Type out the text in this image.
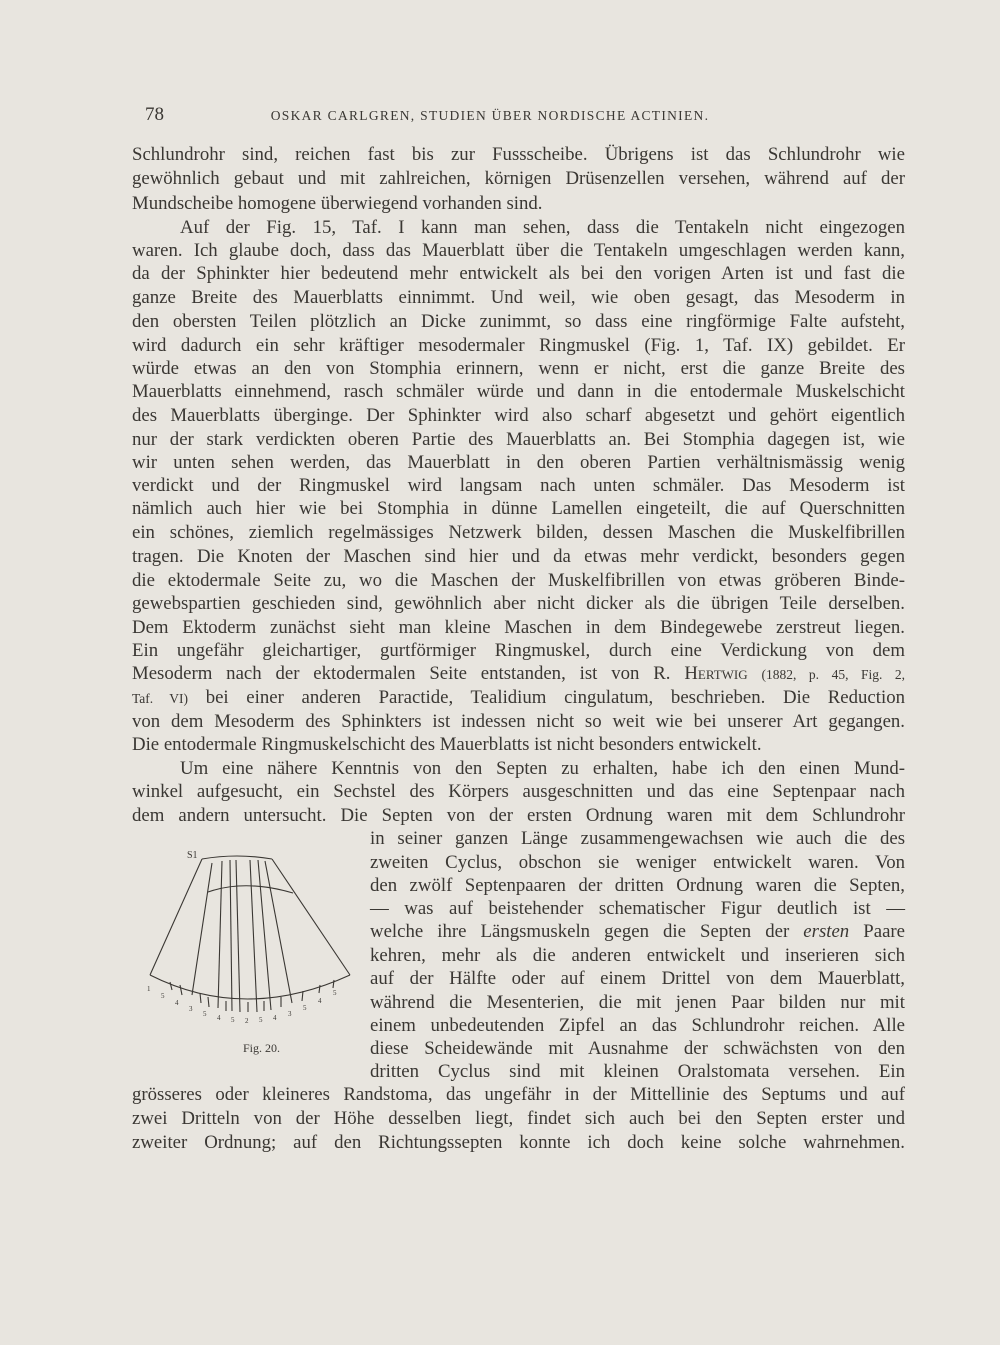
78	OSKAR CARLGREN, STUDIEN ÜBER NORDISCHE ACTINIEN.
Schlundrohr sind, reichen fast bis zur Fussscheibe. Übrigens ist das Schlundrohr wie
gewöhnlich gebaut und mit zahlreichen, körnigen Drüsenzellen versehen, während auf der
Mundscheibe homogene überwiegend vorhanden sind.
Auf der Fig. 15, Taf. I kann man sehen, dass die Tentakeln nicht eingezogen
waren. Ich glaube doch, dass das Mauerblatt über die Tentakeln umgeschlagen werden kann,
da der Sphinkter hier bedeutend mehr entwickelt als bei den vorigen Arten ist und fast die
ganze Breite des Mauerblatts einnimmt. Und weil, wie oben gesagt, das Mesoderm in
den obersten Teilen plötzlich an Dicke zunimmt, so dass eine ringförmige Falte aufsteht,
wird dadurch ein sehr kräftiger mesodermaler Ringmuskel (Fig. 1, Taf. IX) gebildet. Er
würde etwas an den von Stomphia erinnern, wenn er nicht, erst die ganze Breite des
Mauerblatts einnehmend, rasch schmäler würde und dann in die entodermale Muskelschicht
des Mauerblatts überginge. Der Sphinkter wird also scharf abgesetzt und gehört eigentlich
nur der stark verdickten oberen Partie des Mauerblatts an. Bei Stomphia dagegen ist, wie
wir unten sehen werden, das Mauerblatt in den oberen Partien verhältnismässig wenig
verdickt und der Ringmuskel wird langsam nach unten schmäler. Das Mesoderm ist
nämlich auch hier wie bei Stomphia in dünne Lamellen eingeteilt, die auf Querschnitten
ein schönes, ziemlich regelmässiges Netzwerk bilden, dessen Maschen die Muskelfibrillen
tragen. Die Knoten der Maschen sind hier und da etwas mehr verdickt, besonders gegen
die ektodermale Seite zu, wo die Maschen der Muskelfibrillen von etwas gröberen Binde-
gewebspartien geschieden sind, gewöhnlich aber nicht dicker als die übrigen Teile derselben.
Dem Ektoderm zunächst sieht man kleine Maschen in dem Bindegewebe zerstreut liegen.
Ein ungefähr gleichartiger, gurtförmiger Ringmuskel, durch eine Verdickung von dem
Mesoderm nach der ektodermalen Seite entstanden, ist von R. Hertwig (1882, p. 45, Fig. 2,
Taf. VI) bei einer anderen Paractide, Tealidium cingulatum, beschrieben. Die Reduction
von dem Mesoderm des Sphinkters ist indessen nicht so weit wie bei unserer Art gegangen.
Die entodermale Ringmuskelschicht des Mauerblatts ist nicht besonders entwickelt.
Um eine nähere Kenntnis von den Septen zu erhalten, habe ich den einen Mund-
winkel aufgesucht, ein Sechstel des Körpers ausgeschnitten und das eine Septenpaar nach
dem andern untersucht. Die Septen von der ersten Ordnung waren mit dem Schlundrohr
in seiner ganzen Länge zusammengewachsen wie auch die des
zweiten Cyclus, obschon sie weniger entwickelt waren. Von
den zwölf Septenpaaren der dritten Ordnung waren die Septen,
— was auf beistehender schematischer Figur deutlich ist —
welche ihre Längsmuskeln gegen die Septen der ersten Paare
kehren, mehr als die anderen entwickelt und inserieren sich
auf der Hälfte oder auf einem Drittel von dem Mauerblatt,
während die Mesenterien, die mit jenen Paar bilden nur mit
einem unbedeutenden Zipfel an das Schlundrohr reichen. Alle
diese Scheidewände mit Ausnahme der schwächsten von den
dritten Cyclus sind mit kleinen Oralstomata versehen. Ein
grösseres oder kleineres Randstoma, das ungefähr in der Mittellinie des Septums und auf
zwei Dritteln von der Höhe desselben liegt, findet sich auch bei den Septen erster und
zweiter Ordnung; auf den Richtungssepten konnte ich doch keine solche wahrnehmen.
S1
1
5
4
3
5 4 5 2 5 4 3
5
4
5
Fig. 20.
